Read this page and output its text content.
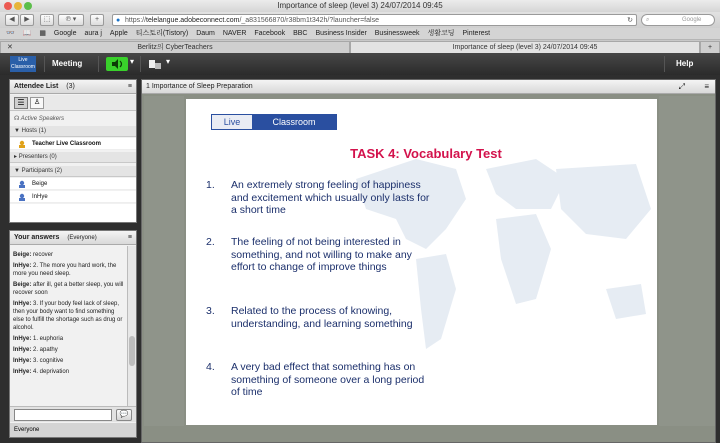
Importance of sleep (level 3) 24/07/2014 09:45
◀	▶	⬚	℗ ▾	+	https://telelangue.adobeconnect.com/_a831566870/r38bm1t342h/?launcher=false
●	↻ ⌕	Google
👓 📖 ▦ Google aura j Apple 티스토리(Tistory) Daum NAVER Facebook BBC Business Insider Businessweek 생활코딩 Pinterest
✕	Berlitz의 CyberTeachers	Importance of sleep (level 3) 24/07/2014 09:45	+
Live
Classroom Meeting	▾	▾	Help
Attendee List (3)	≡
☰	♙
☊ Active Speakers
▼ Hosts (1)
Teacher Live Classroom
▸ Presenters (0)
▼ Participants (2)
Beige
InHye
Your answers (Everyone)	≡
Beige: recover
InHye: 2. The more you hard work, the more you need sleep.
Beige: after ill, get a better sleep, you will recover soon
InHye: 3. If your body feel lack of sleep, then your body want to find something else to fulfill the shortage such as drug or alcohol.
InHye: 1. euphoria
InHye: 2. apathy
InHye: 3. cognitive
InHye: 4. deprivation
💬
Everyone
1 Importance of Sleep Preparation	⤢ ≡
Live	Classroom
TASK 4: Vocabulary Test
1. An extremely strong feeling of happiness and excitement which usually only lasts for a short time
2. The feeling of not being interested in something, and not willing to make any effort to change of improve things
3. Related to the process of knowing, understanding, and learning something
4. A very bad effect that something has on something of someone over a long period of time
